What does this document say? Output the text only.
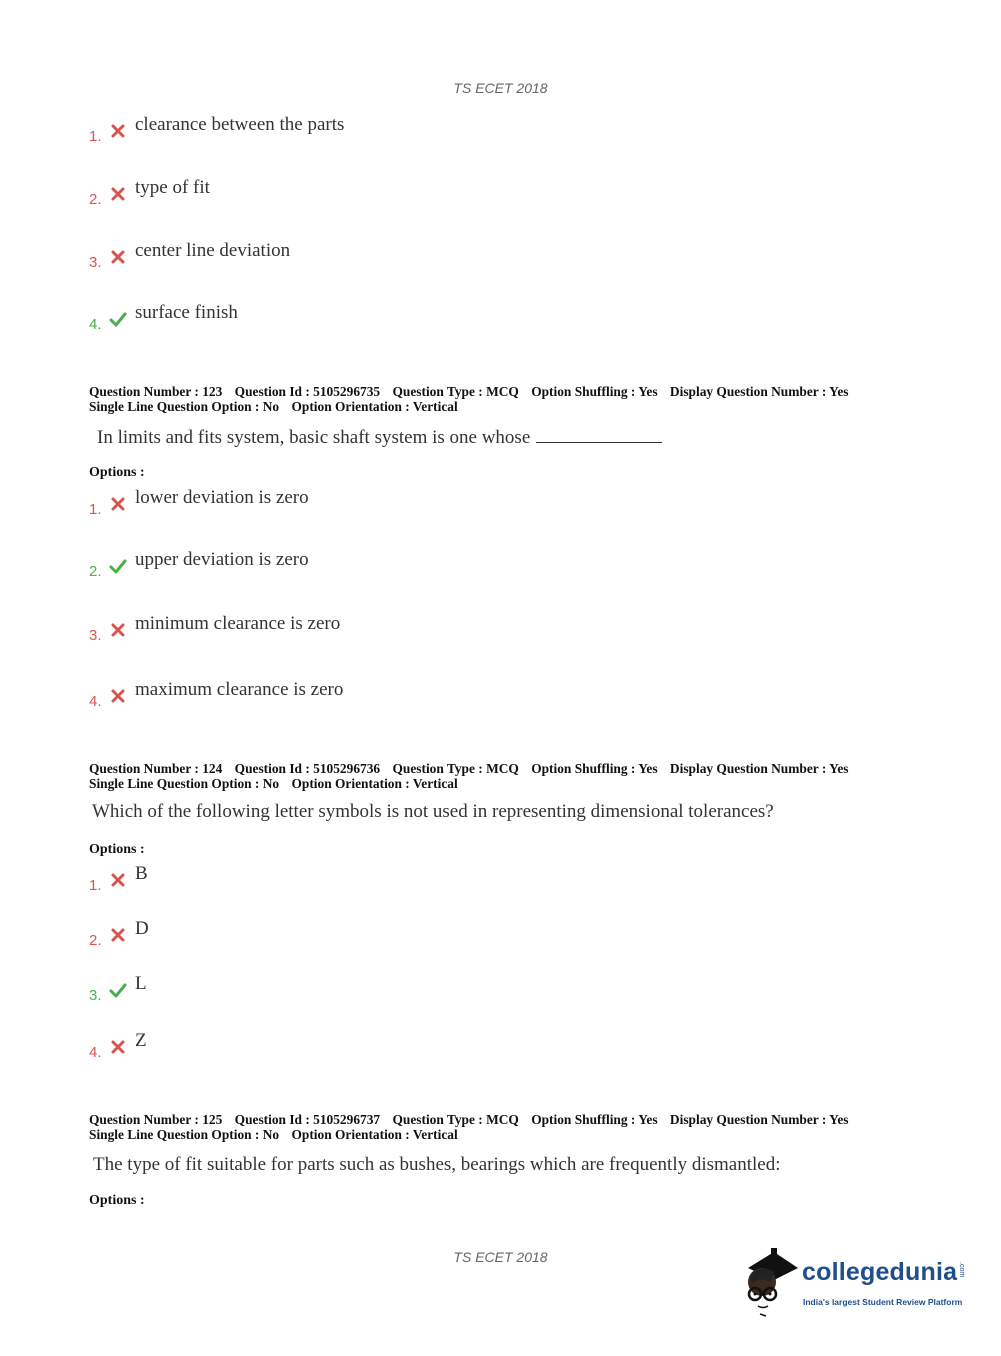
TS ECET 2018
1.
clearance between the parts
2.
type of fit
3.
center line deviation
4.
surface finish
Question Number : 123 Question Id : 5105296735 Question Type : MCQ Option Shuffling : Yes Display Question Number : Yes
Single Line Question Option : No Option Orientation : Vertical
In limits and fits system, basic shaft system is one whose
Options :
1.
lower deviation is zero
2.
upper deviation is zero
3.
minimum clearance is zero
4.
maximum clearance is zero
Question Number : 124 Question Id : 5105296736 Question Type : MCQ Option Shuffling : Yes Display Question Number : Yes
Single Line Question Option : No Option Orientation : Vertical
Which of the following letter symbols is not used in representing dimensional tolerances?
Options :
1.
B
2.
D
3.
L
4.
Z
Question Number : 125 Question Id : 5105296737 Question Type : MCQ Option Shuffling : Yes Display Question Number : Yes
Single Line Question Option : No Option Orientation : Vertical
The type of fit suitable for parts such as bushes, bearings which are frequently dismantled:
Options :
TS ECET 2018
collegedunia .com
India's largest Student Review Platform
